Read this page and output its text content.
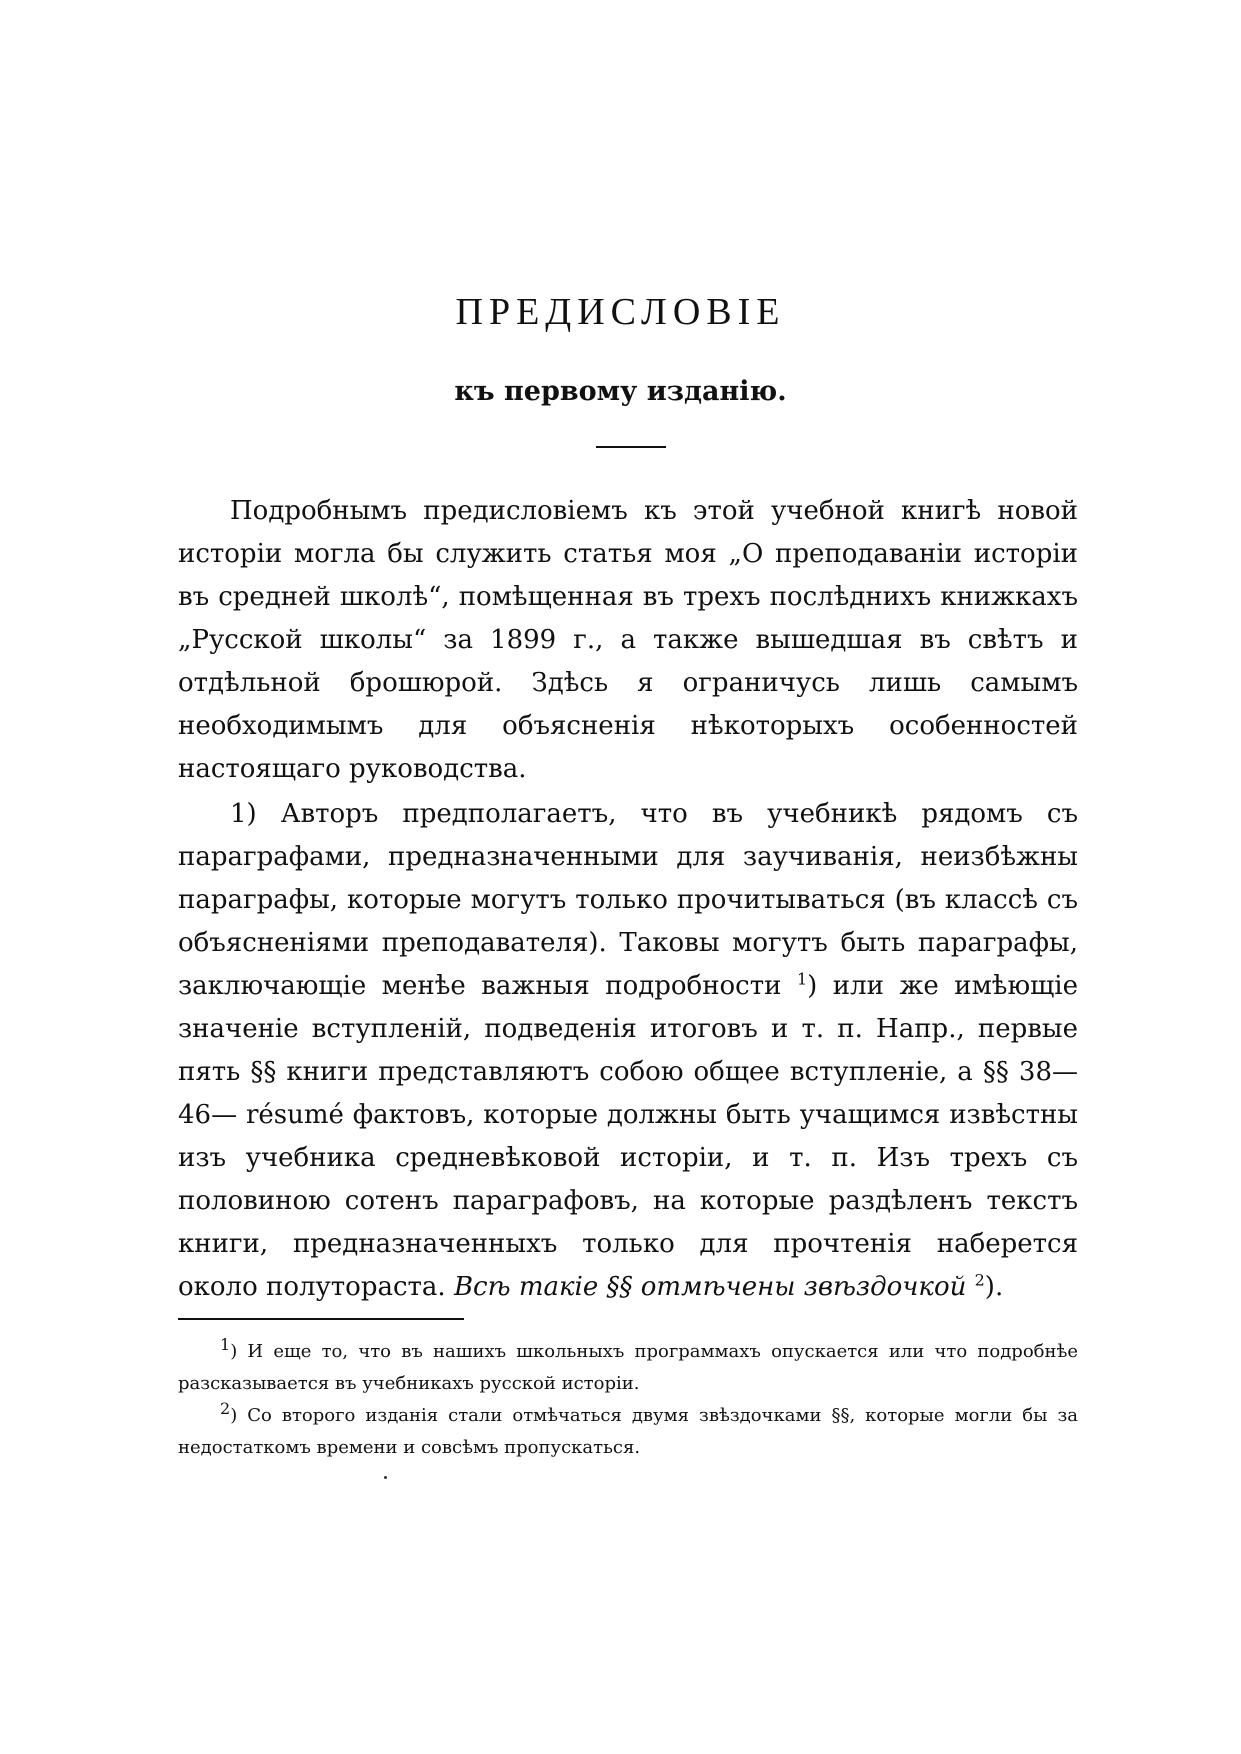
ПРЕДИСЛОВІЕ
къ первому изданію.

Подробнымъ предисловіемъ къ этой учебной книгѣ новой исторіи могла бы служить статья моя „О преподаваніи исторіи въ средней школѣ“, помѣщенная въ трехъ послѣднихъ книжкахъ „Русской школы“ за 1899 г., а также вышедшая въ свѣтъ и отдѣльной брошюрой. Здѣсь я ограничусь лишь самымъ необходимымъ для объясненія нѣкоторыхъ особенностей настоящаго руководства.

1) Авторъ предполагаетъ, что въ учебникѣ рядомъ съ параграфами, предназначенными для заучиванія, неизбѣжны параграфы, которые могутъ только прочитываться (въ классѣ съ объясненіями преподавателя). Таковы могутъ быть параграфы, заключающіе менѣе важныя подробности $^1$) или же имѣющіе значеніе вступленій, подведенія итоговъ и т. п. Напр., первые пять §§ книги представляютъ собою общее вступленіе, а §§ 38—46— résumé фактовъ, которые должны быть учащимся извѣстны изъ учебника средневѣковой исторіи, и т. п. Изъ трехъ съ половиною сотенъ параграфовъ, на которые раздѣленъ текстъ книги, предназначенныхъ только для прочтенія наберется около полутораста. Всѣ такіе §§ отмѣчены звѣздочкой $^2$).

$^1$) И еще то, что въ нашихъ школьныхъ программахъ опускается или что подробнѣе разсказывается въ учебникахъ русской исторіи.

$^2$) Со второго изданія стали отмѣчаться двумя звѣздочками §§, которые могли бы за недостаткомъ времени и совсѣмъ пропускаться.
